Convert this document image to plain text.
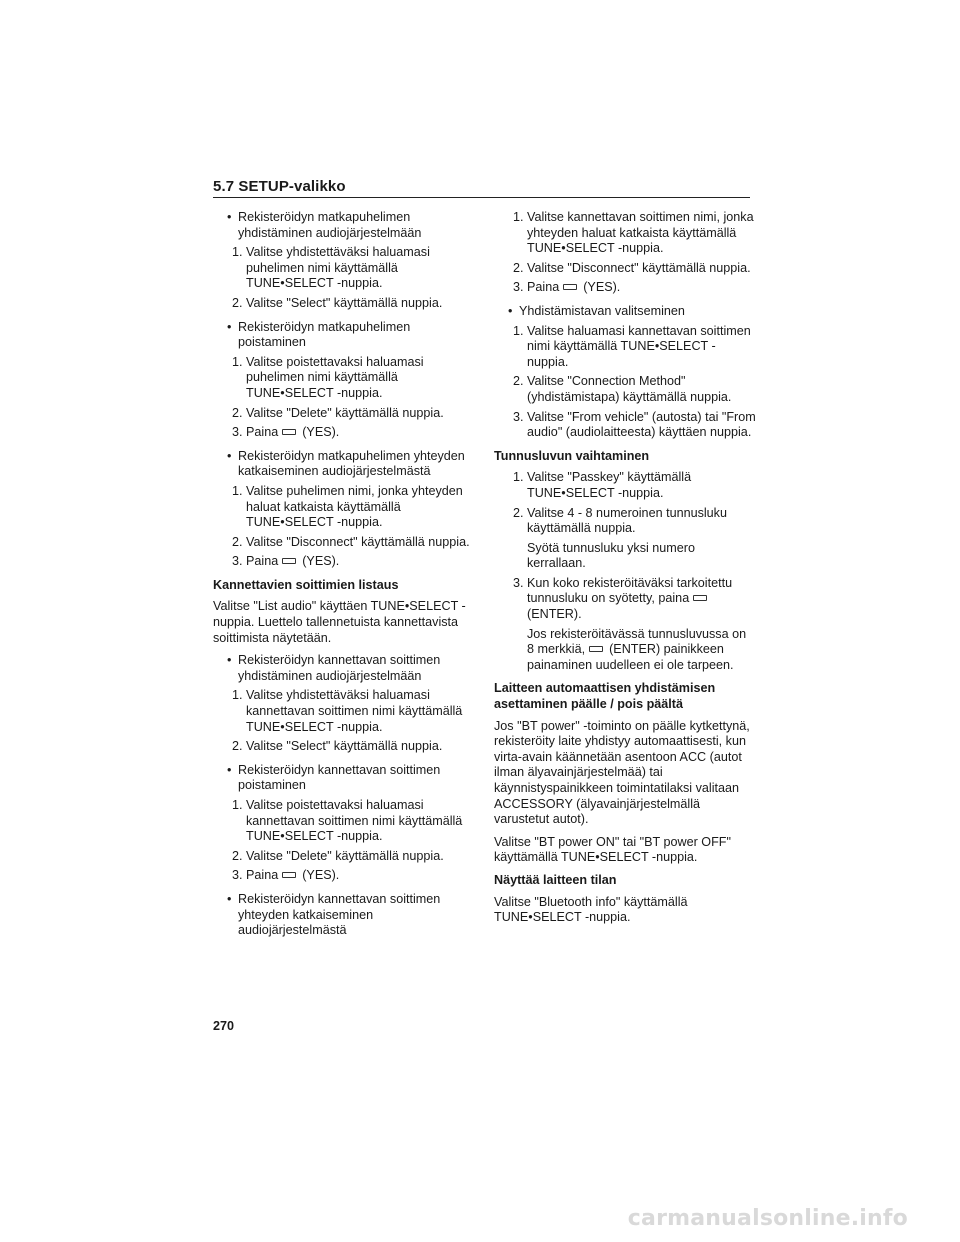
5.7 SETUP-valikko
• Rekisteröidyn matkapuhelimen yhdistäminen audiojärjestelmään
1. Valitse yhdistettäväksi haluamasi puhelimen nimi käyttämällä TUNE•SELECT -nuppia.
2. Valitse "Select" käyttämällä nuppia.
• Rekisteröidyn matkapuhelimen poistaminen
1. Valitse poistettavaksi haluamasi puhelimen nimi käyttämällä TUNE•SELECT -nuppia.
2. Valitse "Delete" käyttämällä nuppia.
3. Paina (YES).
• Rekisteröidyn matkapuhelimen yhteyden katkaiseminen audiojärjestelmästä
1. Valitse puhelimen nimi, jonka yhteyden haluat katkaista käyttämällä TUNE•SELECT -nuppia.
2. Valitse "Disconnect" käyttämällä nuppia.
3. Paina (YES).
Kannettavien soittimien listaus
Valitse "List audio" käyttäen TUNE•SELECT -nuppia. Luettelo tallennetuista kannettavista soittimista näytetään.
• Rekisteröidyn kannettavan soittimen yhdistäminen audiojärjestelmään
1. Valitse yhdistettäväksi haluamasi kannettavan soittimen nimi käyttämällä TUNE•SELECT -nuppia.
2. Valitse "Select" käyttämällä nuppia.
• Rekisteröidyn kannettavan soittimen poistaminen
1. Valitse poistettavaksi haluamasi kannettavan soittimen nimi käyttämällä TUNE•SELECT -nuppia.
2. Valitse "Delete" käyttämällä nuppia.
3. Paina (YES).
• Rekisteröidyn kannettavan soittimen yhteyden katkaiseminen audiojärjestelmästä
1. Valitse kannettavan soittimen nimi, jonka yhteyden haluat katkaista käyttämällä TUNE•SELECT -nuppia.
2. Valitse "Disconnect" käyttämällä nuppia.
3. Paina (YES).
• Yhdistämistavan valitseminen
1. Valitse haluamasi kannettavan soittimen nimi käyttämällä TUNE•SELECT -nuppia.
2. Valitse "Connection Method" (yhdistämistapa) käyttämällä nuppia.
3. Valitse "From vehicle" (autosta) tai "From audio" (audiolaitteesta) käyttäen nuppia.
Tunnusluvun vaihtaminen
1. Valitse "Passkey" käyttämällä TUNE•SELECT -nuppia.
2. Valitse 4 - 8 numeroinen tunnusluku käyttämällä nuppia.
Syötä tunnusluku yksi numero kerrallaan.
3. Kun koko rekisteröitäväksi tarkoitettu tunnusluku on syötetty, paina(ENTER).
Jos rekisteröitävässä tunnusluvussa on 8 merkkiä, (ENTER) painikkeen painaminen uudelleen ei ole tarpeen.
Laitteen automaattisen yhdistämisen asettaminen päälle / pois päältä
Jos "BT power" -toiminto on päälle kytkettynä, rekisteröity laite yhdistyy automaattisesti, kun virta-avain käännetään asentoon ACC (autot ilman älyavainjärjestelmää) tai käynnistyspainikkeen toimintatilaksi valitaan ACCESSORY (älyavainjärjestelmällä varustetut autot).
Valitse "BT power ON" tai "BT power OFF" käyttämällä TUNE•SELECT -nuppia.
Näyttää laitteen tilan
Valitse "Bluetooth info" käyttämällä TUNE•SELECT -nuppia.
270
carmanualsonline.info
